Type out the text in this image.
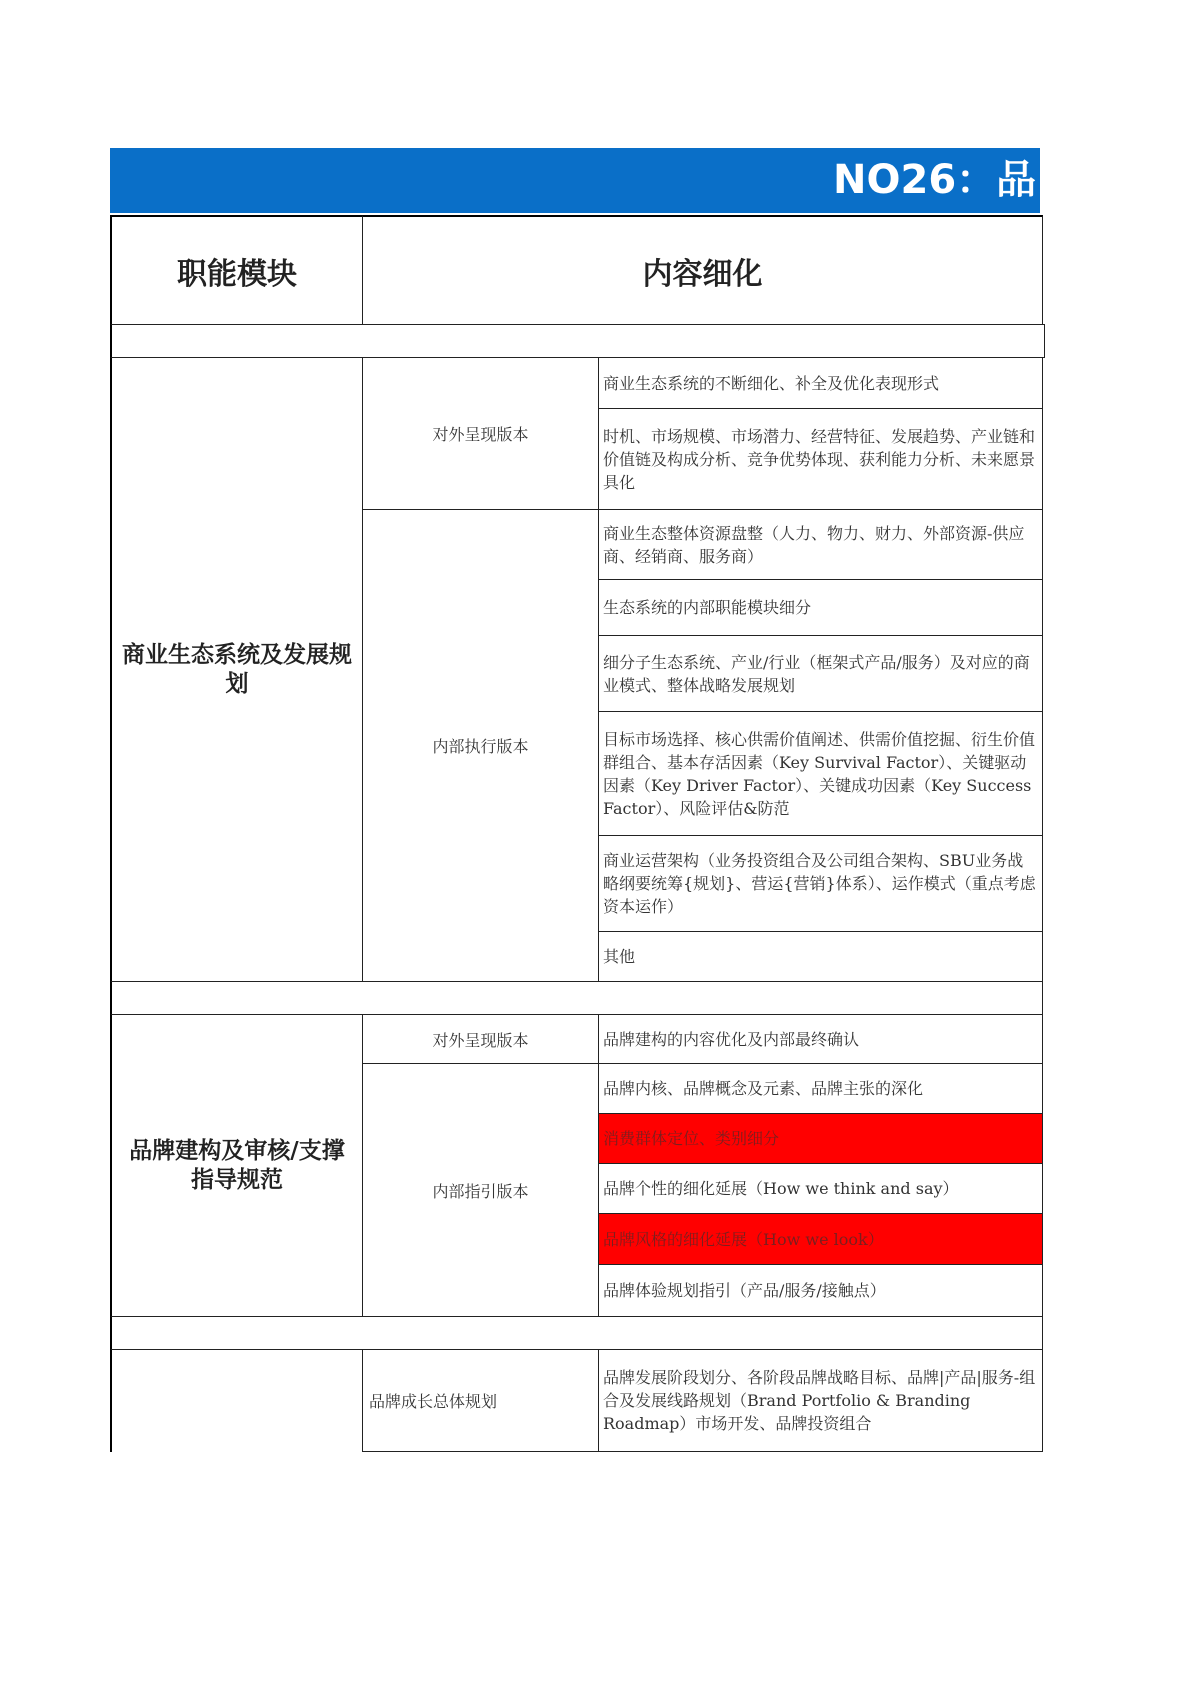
NO26：品
职能模块	内容细化
商业生态系统及发展规划
对外呈现版本
内部执行版本
商业生态系统的不断细化、补全及优化表现形式
时机、市场规模、市场潜力、经营特征、发展趋势、产业链和价值链及构成分析、竞争优势体现、获利能力分析、未来愿景具化
商业生态整体资源盘整（人力、物力、财力、外部资源-供应商、经销商、服务商）
生态系统的内部职能模块细分
细分子生态系统、产业/行业（框架式产品/服务）及对应的商业模式、整体战略发展规划
目标市场选择、核心供需价值阐述、供需价值挖掘、衍生价值群组合、基本存活因素（Key Survival Factor）、关键驱动因素（Key Driver Factor）、关键成功因素（Key Success Factor）、风险评估&防范
商业运营架构（业务投资组合及公司组合架构、SBU业务战略纲要统筹{规划}、营运{营销}体系）、运作模式（重点考虑资本运作）
其他
品牌建构及审核/支撑指导规范
对外呈现版本
内部指引版本
品牌建构的内容优化及内部最终确认
品牌内核、品牌概念及元素、品牌主张的深化
消费群体定位、类别细分
品牌个性的细化延展（How we think and say）
品牌风格的细化延展（How we look）
品牌体验规划指引（产品/服务/接触点）
品牌成长总体规划
品牌发展阶段划分、各阶段品牌战略目标、品牌|产品|服务-组合及发展线路规划（Brand Portfolio & Branding Roadmap）市场开发、品牌投资组合
